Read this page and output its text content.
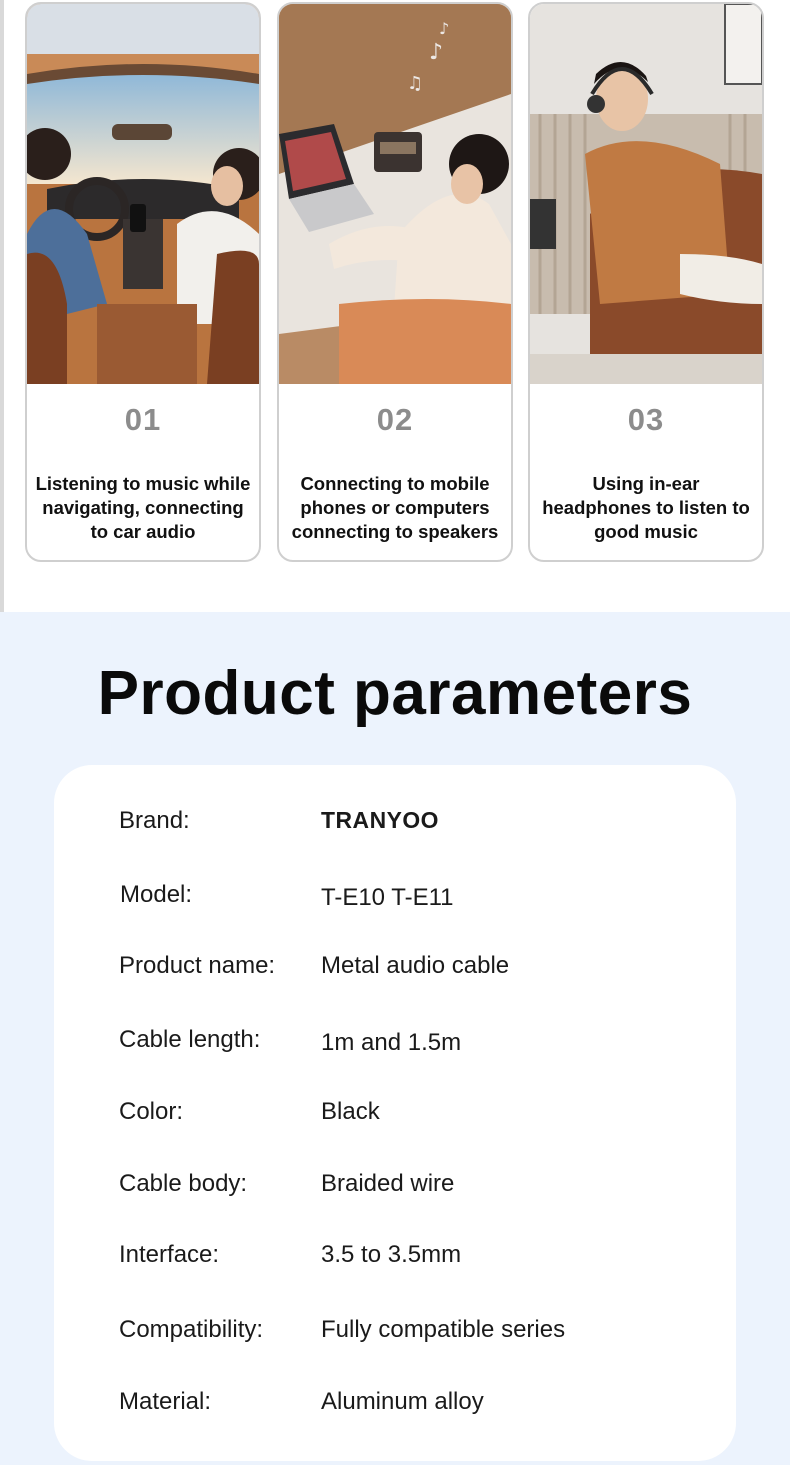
01
Listening to music while navigating, connecting to car audio
♪
♫
♪
02
Connecting to mobile phones or computers connecting to speakers
03
Using in-ear headphones to listen to good music
Product parameters
Brand:	TRANYOO
Model:	T-E10 T-E11
Product name: Metal audio cable
Cable length:	1m and 1.5m
Color:	Black
Cable body:	Braided wire
Interface:	3.5 to 3.5mm
Compatibility: Fully compatible series
Material:	Aluminum alloy
